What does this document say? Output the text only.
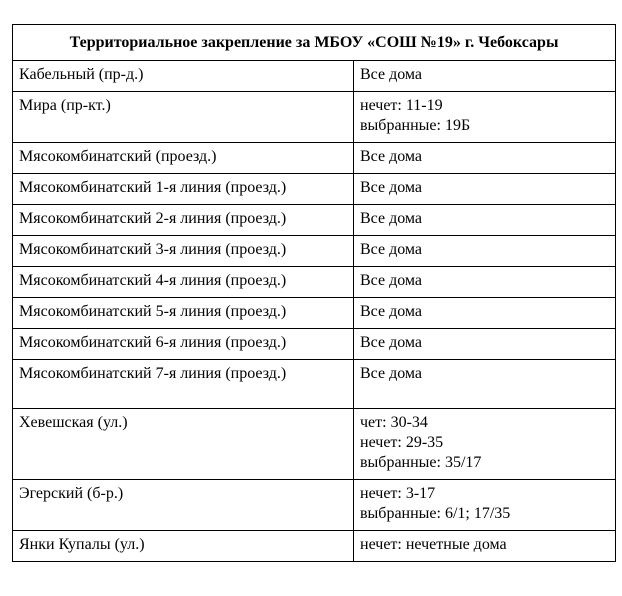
Территориальное закрепление за МБОУ «СОШ №19» г. Чебоксары	
Кабельный (пр-д.)	Все дома

Мира (пр-кт.)	нечет: 11-19
выбранные: 19Б

Мясокомбинатский (проезд.)	Все дома

Мясокомбинатский 1-я линия (проезд.)	Все дома

Мясокомбинатский 2-я линия (проезд.)	Все дома

Мясокомбинатский 3-я линия (проезд.)	Все дома

Мясокомбинатский 4-я линия (проезд.)	Все дома

Мясокомбинатский 5-я линия (проезд.)	Все дома

Мясокомбинатский 6-я линия (проезд.)	Все дома

Мясокомбинатский 7-я линия (проезд.)	Все дома

Хевешская (ул.)	чет: 30-34
нечет: 29-35
выбранные: 35/17

Эгерский (б-р.)	нечет: 3-17
выбранные: 6/1; 17/35

Янки Купалы (ул.)	нечет: нечетные дома
